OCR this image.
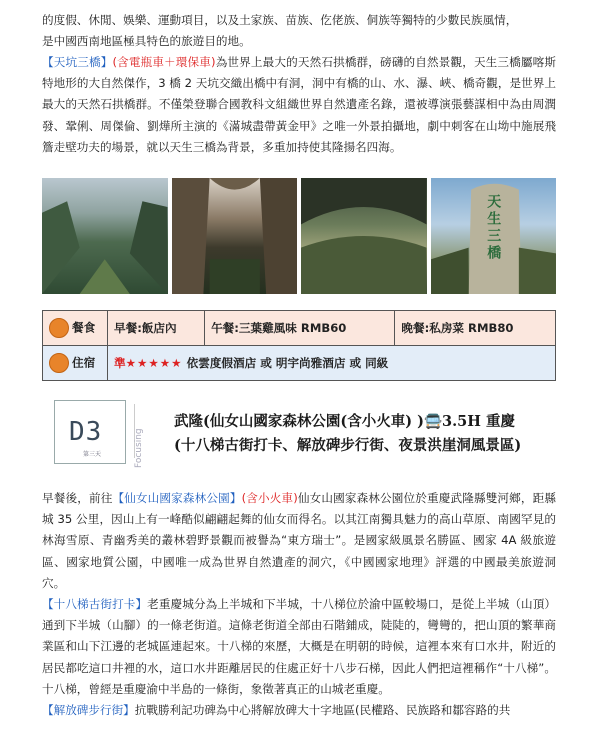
的度假、休閒、娛樂、運動項目，以及土家族、苗族、仡佬族、侗族等獨特的少數民族風情，
是中國西南地區極具特色的旅遊目的地。

【天坑三橋】(含電瓶車＋環保車)為世界上最大的天然石拱橋群，磅礴的自然景觀，天生三橋屬喀斯特地形的大自然傑作，3 橋 2 天坑交織出橋中有洞，洞中有橋的山、水、瀑、峽、橋奇觀，是世界上最大的天然石拱橋群。不僅榮登聯合國教科文組織世界自然遺產名錄，還被導演張藝謀相中為由周潤發、鞏俐、周傑倫、劉燁所主演的《滿城盡帶黃金甲》之唯一外景拍攝地，劇中刺客在山坳中施展飛簷走壁功夫的場景，就以天生三橋為背景，多重加持使其隆揚名四海。

天生三橋
餐食	早餐:飯店內	午餐:三葉雞風味 RMB60	晚餐:私房菜 RMB80
住宿	準★★★★★ 依雲度假酒店 或 明宇尚雅酒店 或 同級		
D3
第三天	Focusing
武隆(仙女山國家森林公園(含小火車) )🚍3.5H 重慶
(十八梯古街打卡、解放碑步行街、夜景洪崖洞風景區)

早餐後，前往【仙女山國家森林公園】(含小火車)仙女山國家森林公園位於重慶武隆縣雙河鄉，距縣城 35 公里，因山上有一峰酷似翩翩起舞的仙女而得名。以其江南獨具魅力的高山草原、南國罕見的林海雪原、青幽秀美的叢林碧野景觀而被譽為“東方瑞士”。是國家級風景名勝區、國家 4A 級旅遊區、國家地質公園，中國唯一成為世界自然遺產的洞穴，《中國國家地理》評選的中國最美旅遊洞穴。

【十八梯古街打卡】老重慶城分為上半城和下半城，十八梯位於渝中區較場口，是從上半城（山頂）通到下半城（山腳）的一條老街道。這條老街道全部由石階鋪成，陡陡的，彎彎的，把山頂的繁華商業區和山下江邊的老城區連起來。十八梯的來歷，大概是在明朝的時候，這裡本來有口水井，附近的居民都吃這口井裡的水，這口水井距離居民的住處正好十八步石梯，因此人們把這裡稱作“十八梯”。十八梯，曾經是重慶渝中半島的一條街，象徵著真正的山城老重慶。

【解放碑步行街】抗戰勝利記功碑為中心將解放碑大十字地區(民權路、民族路和鄒容路的共
